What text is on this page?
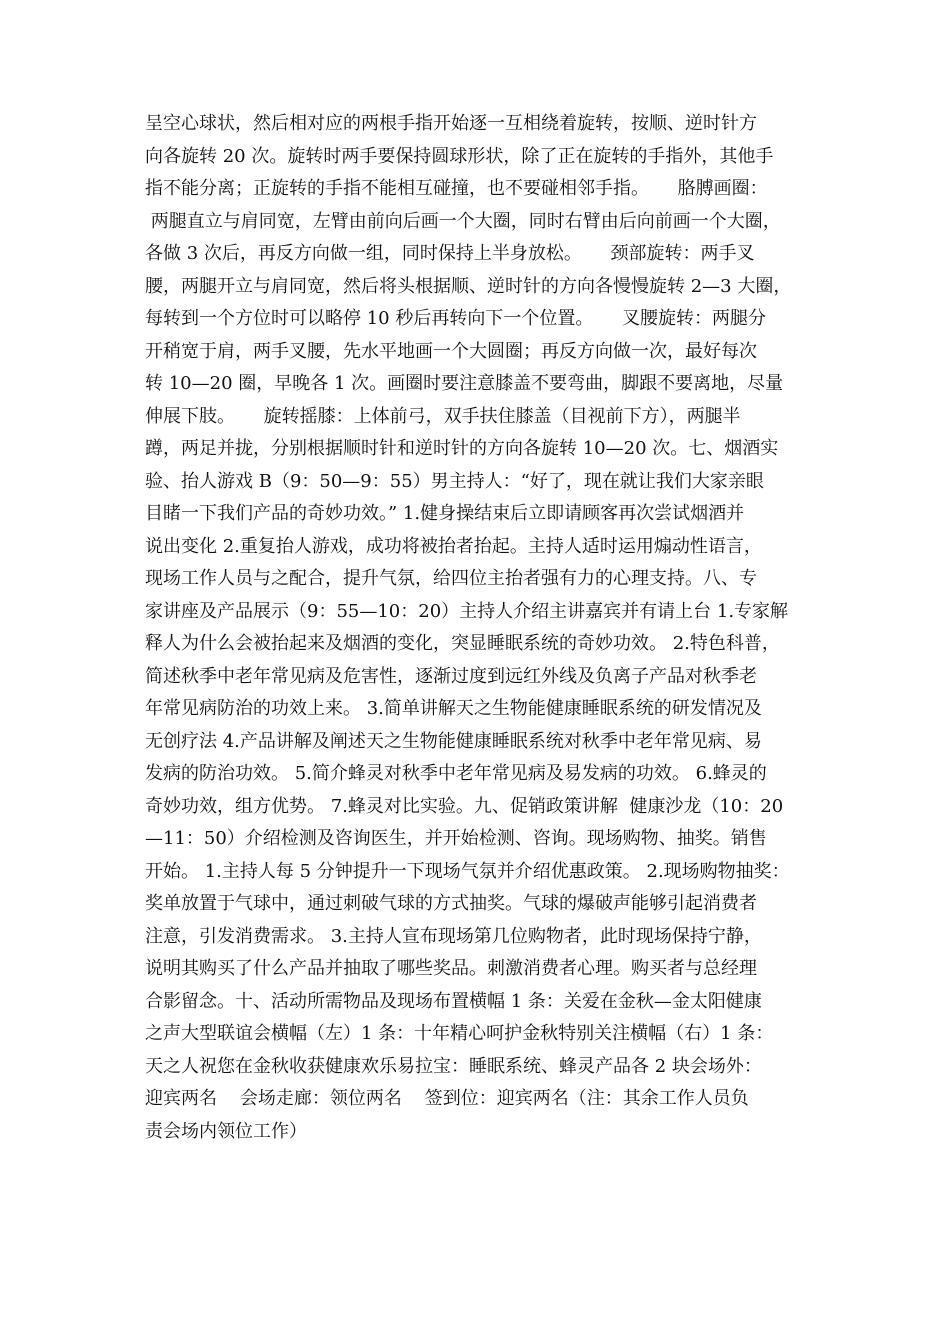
呈空心球状，然后相对应的两根手指开始逐一互相绕着旋转，按顺、逆时针方
向各旋转 20 次。旋转时两手要保持圆球形状，除了正在旋转的手指外，其他手
指不能分离；正旋转的手指不能相互碰撞，也不要碰相邻手指。     胳膊画圈：
两腿直立与肩同宽，左臂由前向后画一个大圈，同时右臂由后向前画一个大圈，
各做 3 次后，再反方向做一组，同时保持上半身放松。     颈部旋转：两手叉
腰，两腿开立与肩同宽，然后将头根据顺、逆时针的方向各慢慢旋转 2—3 大圈，
每转到一个方位时可以略停 10 秒后再转向下一个位置。     叉腰旋转：两腿分
开稍宽于肩，两手叉腰，先水平地画一个大圆圈；再反方向做一次，最好每次
转 10—20 圈，早晚各 1 次。画圈时要注意膝盖不要弯曲，脚跟不要离地，尽量
伸展下肢。     旋转摇膝：上体前弓，双手扶住膝盖（目视前下方），两腿半
蹲，两足并拢，分别根据顺时针和逆时针的方向各旋转 10—20 次。七、烟酒实
验、抬人游戏 B（9：50—9：55）男主持人：“好了，现在就让我们大家亲眼
目睹一下我们产品的奇妙功效。” 1.健身操结束后立即请顾客再次尝试烟酒并
说出变化 2.重复抬人游戏，成功将被抬者抬起。主持人适时运用煽动性语言，
现场工作人员与之配合，提升气氛，给四位主抬者强有力的心理支持。八、专
家讲座及产品展示（9：55—10：20）主持人介绍主讲嘉宾并有请上台 1.专家解
释人为什么会被抬起来及烟酒的变化，突显睡眠系统的奇妙功效。 2.特色科普，
简述秋季中老年常见病及危害性，逐渐过度到远红外线及负离子产品对秋季老
年常见病防治的功效上来。 3.简单讲解天之生物能健康睡眠系统的研发情况及
无创疗法 4.产品讲解及阐述天之生物能健康睡眠系统对秋季中老年常见病、易
发病的防治功效。 5.简介蜂灵对秋季中老年常见病及易发病的功效。 6.蜂灵的
奇妙功效，组方优势。 7.蜂灵对比实验。九、促销政策讲解  健康沙龙（10：20
—11：50）介绍检测及咨询医生，并开始检测、咨询。现场购物、抽奖。销售
开始。 1.主持人每 5 分钟提升一下现场气氛并介绍优惠政策。 2.现场购物抽奖：
奖单放置于气球中，通过刺破气球的方式抽奖。气球的爆破声能够引起消费者
注意，引发消费需求。 3.主持人宣布现场第几位购物者，此时现场保持宁静，
说明其购买了什么产品并抽取了哪些奖品。刺激消费者心理。购买者与总经理
合影留念。十、活动所需物品及现场布置横幅 1 条：关爱在金秋—金太阳健康
之声大型联谊会横幅（左）1 条：十年精心呵护金秋特别关注横幅（右）1 条：
天之人祝您在金秋收获健康欢乐易拉宝：睡眠系统、蜂灵产品各 2 块会场外：
迎宾两名    会场走廊：领位两名    签到位：迎宾两名（注：其余工作人员负
责会场内领位工作）
